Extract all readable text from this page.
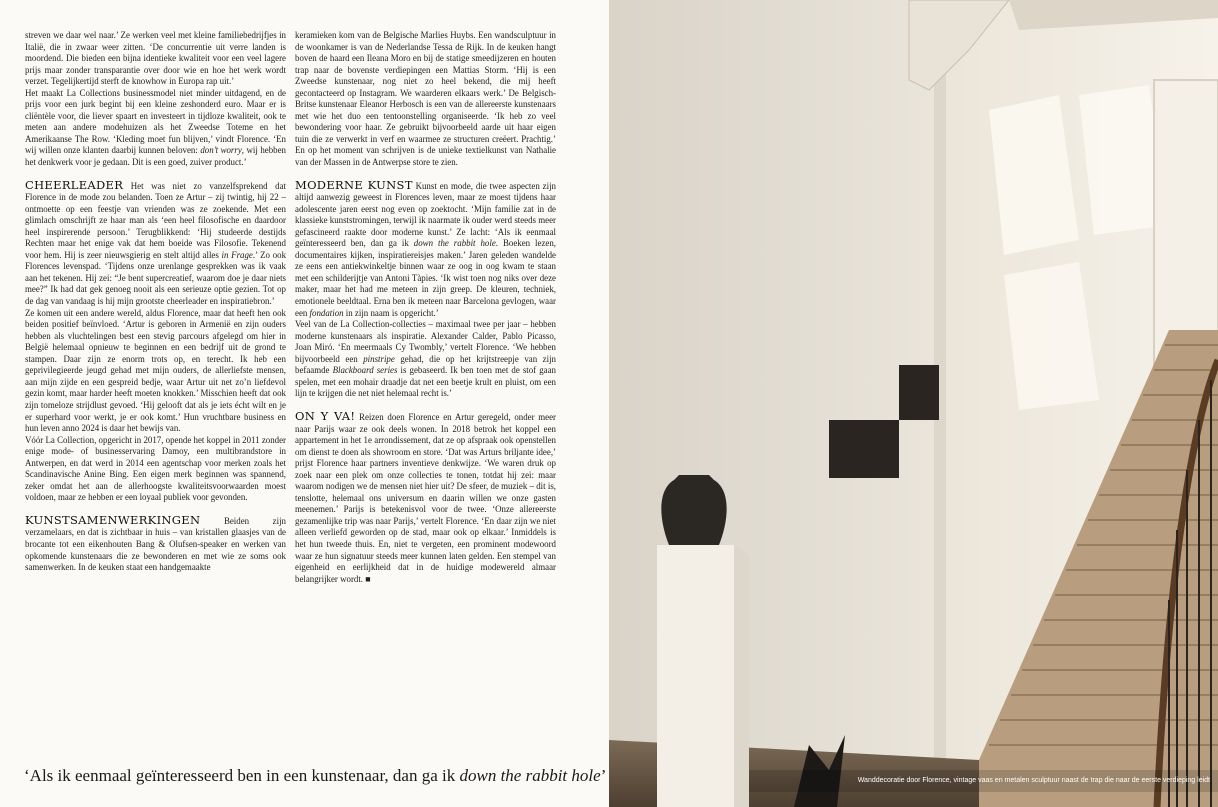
streven we daar wel naar.’ Ze werken veel met kleine familiebedrijfjes in Italië, die in zwaar weer zitten. ‘De concurrentie uit verre landen is moordend. Die bieden een bijna identieke kwaliteit voor een veel lagere prijs maar zonder transparantie over door wie en hoe het werk wordt verzet. Tegelijkertijd sterft de knowhow in Europa rap uit.’

Het maakt La Collections businessmodel niet minder uitdagend, en de prijs voor een jurk begint bij een kleine zeshonderd euro. Maar er is cliëntèle voor, die liever spaart en investeert in tijdloze kwaliteit, ook te meten aan andere modehuizen als het Zweedse Toteme en het Amerikaanse The Row. ‘Kleding moet fun blijven,’ vindt Florence. ‘En wij willen onze klanten daarbij kunnen beloven: don’t worry, wij hebben het denkwerk voor je gedaan. Dit is een goed, zuiver product.’

CHEERLEADER Het was niet zo vanzelfsprekend dat Florence in de mode zou belanden. Toen ze Artur – zij twintig, hij 22 – ontmoette op een feestje van vrienden was ze zoekende. Met een glimlach omschrijft ze haar man als ‘een heel filosofische en daardoor heel inspirerende persoon.’ Terugblikkend: ‘Hij studeerde destijds Rechten maar het enige vak dat hem boeide was Filosofie. Tekenend voor hem. Hij is zeer nieuwsgierig en stelt altijd alles in Frage.’ Zo ook Florences levenspad. ‘Tijdens onze urenlange gesprekken was ik vaak aan het tekenen. Hij zei: “Je bent supercreatief, waarom doe je daar niets mee?” Ik had dat gek genoeg nooit als een serieuze optie gezien. Tot op de dag van vandaag is hij mijn grootste cheerleader en inspiratiebron.’

Ze komen uit een andere wereld, aldus Florence, maar dat heeft hen ook beiden positief beïnvloed. ‘Artur is geboren in Armenië en zijn ouders hebben als vluchtelingen best een stevig parcours afgelegd om hier in België helemaal opnieuw te beginnen en een bedrijf uit de grond te stampen. Daar zijn ze enorm trots op, en terecht. Ik heb een geprivilegieerde jeugd gehad met mijn ouders, de allerliefste mensen, aan mijn zijde en een gespreid bedje, waar Artur uit net zo’n liefdevol gezin komt, maar harder heeft moeten knokken.’ Misschien heeft dat ook zijn tomeloze strijdlust gevoed. ‘Hij gelooft dat als je iets écht wilt en je er superhard voor werkt, je er ook komt.’ Hun vruchtbare business en hun leven anno 2024 is daar het bewijs van.

Vóór La Collection, opgericht in 2017, opende het koppel in 2011 zonder enige mode- of businesservaring Damoy, een multibrandstore in Antwerpen, en dat werd in 2014 een agentschap voor merken zoals het Scandinavische Anine Bing. Een eigen merk beginnen was spannend, zeker omdat het aan de allerhoogste kwaliteitsvoorwaarden moest voldoen, maar ze hebben er een loyaal publiek voor gevonden.

KUNSTSAMENWERKINGEN Beiden zijn verzamelaars, en dat is zichtbaar in huis – van kristallen glaasjes van de brocante tot een eikenhouten Bang & Olufsen-speaker en werken van opkomende kunstenaars die ze bewonderen en met wie ze soms ook samenwerken. In de keuken staat een handgemaakte

keramieken kom van de Belgische Marlies Huybs. Een wandsculptuur in de woonkamer is van de Nederlandse Tessa de Rijk. In de keuken hangt boven de haard een Ileana Moro en bij de statige smeedijzeren en houten trap naar de bovenste verdiepingen een Mattias Storm. ‘Hij is een Zweedse kunstenaar, nog niet zo heel bekend, die mij heeft gecontacteerd op Instagram. We waarderen elkaars werk.’ De Belgisch-Britse kunstenaar Eleanor Herbosch is een van de allereerste kunstenaars met wie het duo een tentoonstelling organiseerde. ‘Ik heb zo veel bewondering voor haar. Ze gebruikt bijvoorbeeld aarde uit haar eigen tuin die ze verwerkt in verf en waarmee ze structuren creëert. Prachtig.’ En op het moment van schrijven is de unieke textielkunst van Nathalie van der Massen in de Antwerpse store te zien.

MODERNE KUNST Kunst en mode, die twee aspecten zijn altijd aanwezig geweest in Florences leven, maar ze moest tijdens haar adolescente jaren eerst nog even op zoektocht. ‘Mijn familie zat in de klassieke kunststromingen, terwijl ik naarmate ik ouder werd steeds meer gefascineerd raakte door moderne kunst.’ Ze lacht: ‘Als ik eenmaal geïnteresseerd ben, dan ga ik down the rabbit hole. Boeken lezen, documentaires kijken, inspiratiereisjes maken.’ Jaren geleden wandelde ze eens een antiekwinkeltje binnen waar ze oog in oog kwam te staan met een schilderijtje van Antoni Tàpies. ‘Ik wist toen nog niks over deze maker, maar het had me meteen in zijn greep. De kleuren, techniek, emotionele beeldtaal. Erna ben ik meteen naar Barcelona gevlogen, waar een fondation in zijn naam is opgericht.’

Veel van de La Collection-collecties – maximaal twee per jaar – hebben moderne kunstenaars als inspiratie. Alexander Calder, Pablo Picasso, Joan Miró. ‘En meermaals Cy Twombly,’ vertelt Florence. ‘We hebben bijvoorbeeld een pinstripe gehad, die op het krijtstreepje van zijn befaamde Blackboard series is gebaseerd. Ik ben toen met de stof gaan spelen, met een mohair draadje dat net een beetje krult en pluist, om een lijn te krijgen die net niet helemaal recht is.’

ON Y VA! Reizen doen Florence en Artur geregeld, onder meer naar Parijs waar ze ook deels wonen. In 2018 betrok het koppel een appartement in het 1e arrondissement, dat ze op afspraak ook openstellen om dienst te doen als showroom en store. ‘Dat was Arturs briljante idee,’ prijst Florence haar partners inventieve denkwijze. ‘We waren druk op zoek naar een plek om onze collecties te tonen, totdat hij zei: maar waarom nodigen we de mensen niet hier uit? De sfeer, de muziek – dit is, tenslotte, helemaal ons universum en daarin willen we onze gasten meenemen.’ Parijs is betekenisvol voor de twee. ‘Onze allereerste gezamenlijke trip was naar Parijs,’ vertelt Florence. ‘En daar zijn we niet alleen verliefd geworden op de stad, maar ook op elkaar.’ Inmiddels is het hun tweede thuis. En, niet te vergeten, een prominent modewoord waar ze hun signatuur steeds meer kunnen laten gelden. Een stempel van eigenheid en eerlijkheid dat in de huidige modewereld almaar belangrijker wordt. ■

‘Als ik eenmaal geïnteresseerd ben in een kunstenaar, dan ga ik down the rabbit hole’	Wanddecoratie door Florence, vintage vaas en metalen sculptuur naast de trap die naar de eerste verdieping leidt
